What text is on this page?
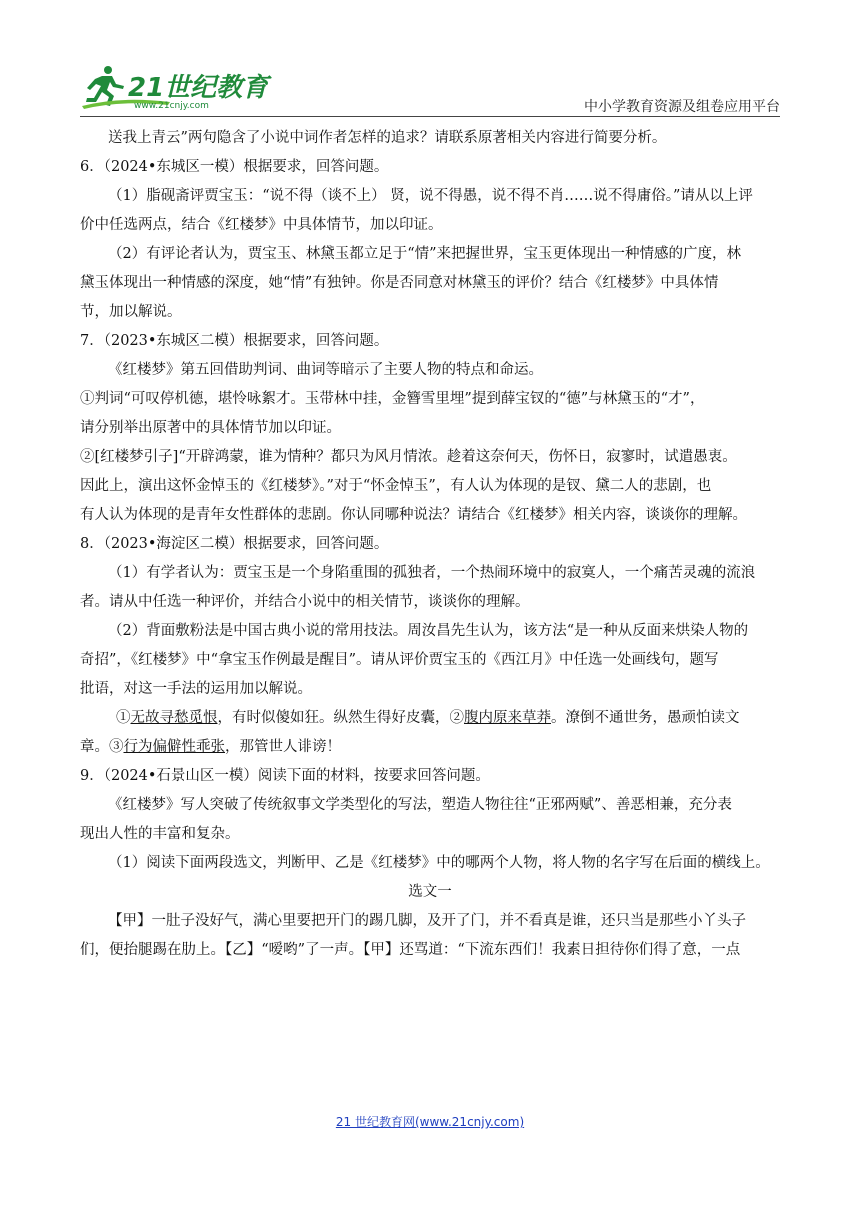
21世纪教育
www.21cnjy.com	中小学教育资源及组卷应用平台
送我上青云”两句隐含了小说中词作者怎样的追求？请联系原著相关内容进行简要分析。
6．（2024•东城区一模）根据要求，回答问题。
（1）脂砚斋评贾宝玉：“说不得（谈不上） 贤，说不得愚，说不得不肖……说不得庸俗。”请从以上评
价中任选两点，结合《红楼梦》中具体情节，加以印证。
（2）有评论者认为，贾宝玉、林黛玉都立足于“情”来把握世界，宝玉更体现出一种情感的广度，林
黛玉体现出一种情感的深度，她“情”有独钟。你是否同意对林黛玉的评价？结合《红楼梦》中具体情
节，加以解说。
7．（2023•东城区二模）根据要求，回答问题。
《红楼梦》第五回借助判词、曲词等暗示了主要人物的特点和命运。
①判词“可叹停机德，堪怜咏絮才。玉带林中挂，金簪雪里埋”提到薛宝钗的“德”与林黛玉的“才”，
请分别举出原著中的具体情节加以印证。
②[红楼梦引子]“开辟鸿蒙，谁为情种？都只为风月情浓。趁着这奈何天，伤怀日，寂寥时，试遣愚衷。
因此上，演出这怀金悼玉的《红楼梦》。”对于“怀金悼玉”，有人认为体现的是钗、黛二人的悲剧，也
有人认为体现的是青年女性群体的悲剧。你认同哪种说法？请结合《红楼梦》相关内容，谈谈你的理解。
8．（2023•海淀区二模）根据要求，回答问题。
（1）有学者认为：贾宝玉是一个身陷重围的孤独者，一个热闹环境中的寂寞人，一个痛苦灵魂的流浪
者。请从中任选一种评价，并结合小说中的相关情节，谈谈你的理解。
（2）背面敷粉法是中国古典小说的常用技法。周汝昌先生认为，该方法“是一种从反面来烘染人物的
奇招”，《红楼梦》中“拿宝玉作例最是醒目”。请从评价贾宝玉的《西江月》中任选一处画线句，题写
批语，对这一手法的运用加以解说。
①无故寻愁觅恨，有时似傻如狂。纵然生得好皮囊，②腹内原来草莽。潦倒不通世务，愚顽怕读文
章。③行为偏僻性乖张，那管世人诽谤！
9．（2024•石景山区一模）阅读下面的材料，按要求回答问题。
《红楼梦》写人突破了传统叙事文学类型化的写法，塑造人物往往“正邪两赋”、善恶相兼，充分表
现出人性的丰富和复杂。
（1）阅读下面两段选文，判断甲、乙是《红楼梦》中的哪两个人物，将人物的名字写在后面的横线上。
选文一
【甲】一肚子没好气，满心里要把开门的踢几脚，及开了门，并不看真是谁，还只当是那些小丫头子
们，便抬腿踢在肋上。【乙】“嗳哟”了一声。【甲】还骂道：“下流东西们！我素日担待你们得了意，一点
21 世纪教育网(www.21cnjy.com)
